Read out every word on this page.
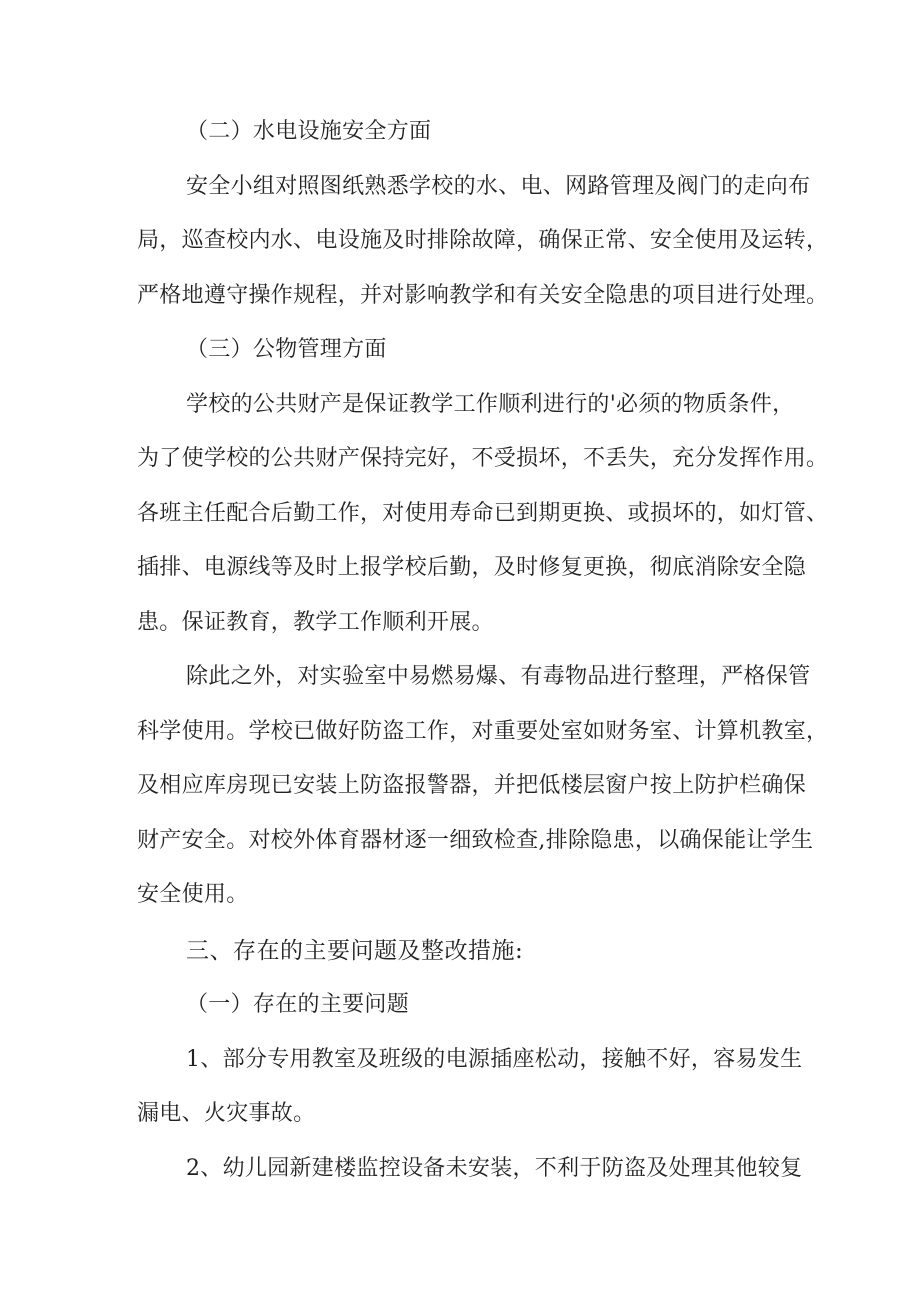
（二）水电设施安全方面
安全小组对照图纸熟悉学校的水、电、网路管理及阀门的走向布
局，巡查校内水、电设施及时排除故障，确保正常、安全使用及运转，
严格地遵守操作规程，并对影响教学和有关安全隐患的项目进行处理。
（三）公物管理方面
学校的公共财产是保证教学工作顺利进行的'必须的物质条件，
为了使学校的公共财产保持完好，不受损坏，不丢失，充分发挥作用。
各班主任配合后勤工作，对使用寿命已到期更换、或损坏的，如灯管、
插排、电源线等及时上报学校后勤，及时修复更换，彻底消除安全隐
患。保证教育，教学工作顺利开展。
除此之外，对实验室中易燃易爆、有毒物品进行整理，严格保管
科学使用。学校已做好防盗工作，对重要处室如财务室、计算机教室，
及相应库房现已安装上防盗报警器，并把低楼层窗户按上防护栏确保
财产安全。对校外体育器材逐一细致检查,排除隐患，以确保能让学生
安全使用。
三、存在的主要问题及整改措施:
（一）存在的主要问题
1、部分专用教室及班级的电源插座松动，接触不好，容易发生
漏电、火灾事故。
2、幼儿园新建楼监控设备未安装，不利于防盗及处理其他较复
